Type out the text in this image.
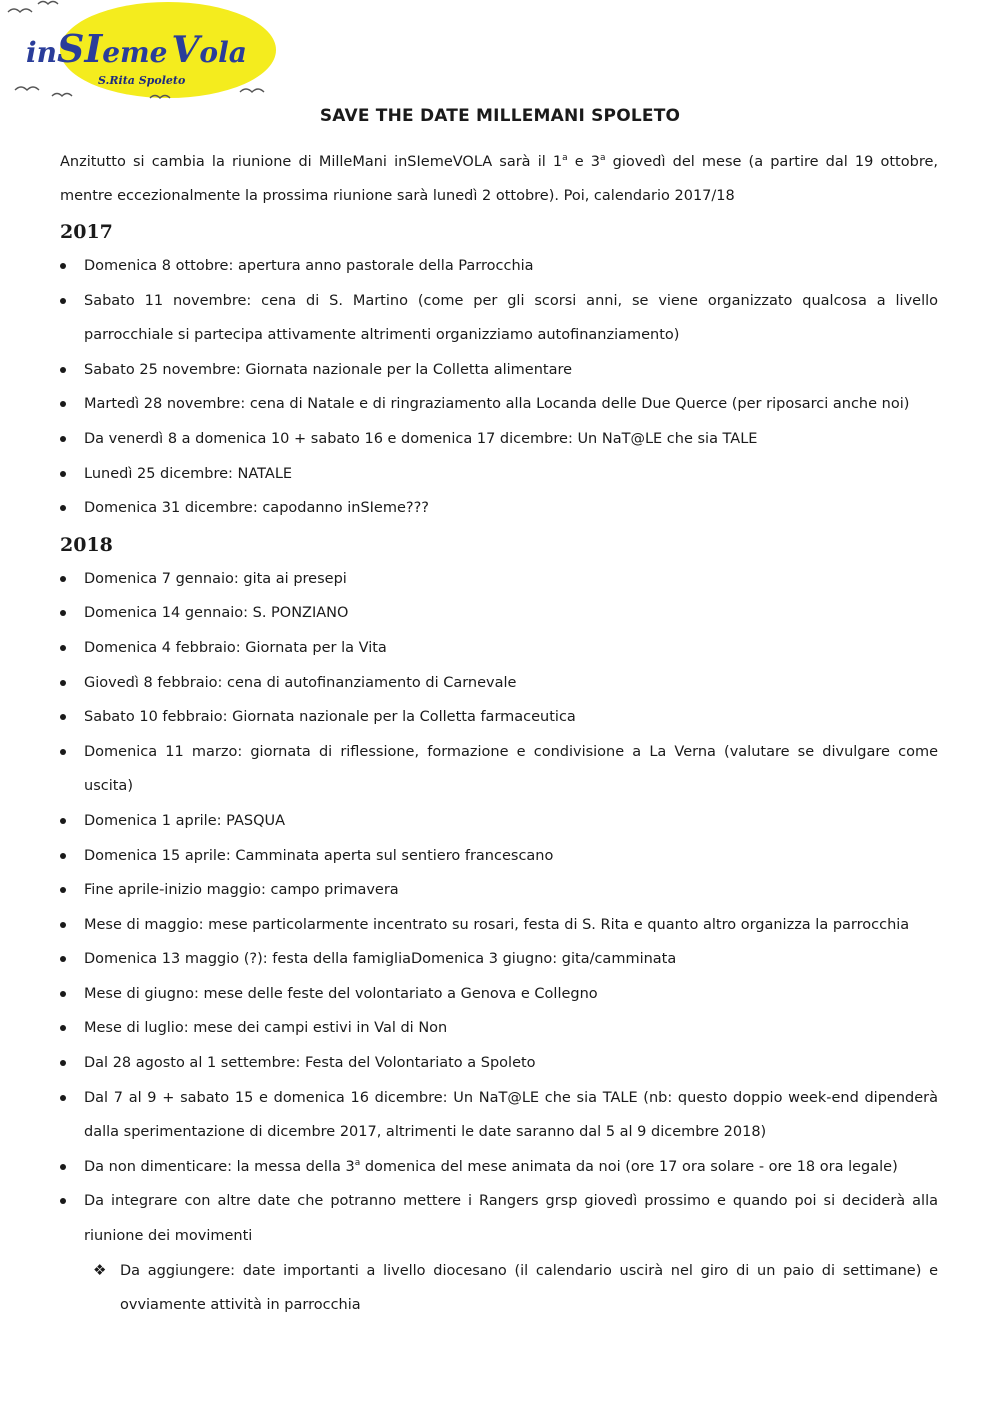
inSIeme Vola
S.Rita Spoleto
SAVE THE DATE MILLEMANI SPOLETO

Anzitutto si cambia la riunione di MilleMani inSIemeVOLA sarà il 1$^a$ e 3$^a$ giovedì del mese (a partire dal 19 ottobre, mentre eccezionalmente la prossima riunione sarà lunedì 2 ottobre). Poi, calendario 2017/18

2017
Domenica 8 ottobre: apertura anno pastorale della Parrocchia
Sabato 11 novembre: cena di S. Martino (come per gli scorsi anni, se viene organizzato qualcosa a livello parrocchiale si partecipa attivamente altrimenti organizziamo autofinanziamento)
Sabato 25 novembre: Giornata nazionale per la Colletta alimentare
Martedì 28 novembre: cena di Natale e di ringraziamento alla Locanda delle Due Querce (per riposarci anche noi)
Da venerdì 8 a domenica 10 + sabato 16 e domenica 17 dicembre: Un NaT@LE che sia TALE
Lunedì 25 dicembre: NATALE
Domenica 31 dicembre: capodanno inSIeme???
2018
Domenica 7 gennaio: gita ai presepi
Domenica 14 gennaio: S. PONZIANO
Domenica 4 febbraio: Giornata per la Vita
Giovedì 8 febbraio: cena di autofinanziamento di Carnevale
Sabato 10 febbraio: Giornata nazionale per la Colletta farmaceutica
Domenica 11 marzo: giornata di riflessione, formazione e condivisione a La Verna (valutare se divulgare come uscita)
Domenica 1 aprile: PASQUA
Domenica 15 aprile: Camminata aperta sul sentiero francescano
Fine aprile-inizio maggio: campo primavera
Mese di maggio: mese particolarmente incentrato su rosari, festa di S. Rita e quanto altro organizza la parrocchia
Domenica 13 maggio (?): festa della famigliaDomenica 3 giugno: gita/camminata
Mese di giugno: mese delle feste del volontariato a Genova e Collegno
Mese di luglio: mese dei campi estivi in Val di Non
Dal 28 agosto al 1 settembre: Festa del Volontariato a Spoleto
Dal 7 al 9 + sabato 15 e domenica 16 dicembre: Un NaT@LE che sia TALE (nb: questo doppio week-end dipenderà dalla sperimentazione di dicembre 2017, altrimenti le date saranno dal 5 al 9 dicembre 2018)
Da non dimenticare: la messa della 3$^a$ domenica del mese animata da noi (ore 17 ora solare - ore 18 ora legale)
Da integrare con altre date che potranno mettere i Rangers grsp giovedì prossimo e quando poi si deciderà alla riunione dei movimenti
❖ Da aggiungere: date importanti a livello diocesano (il calendario uscirà nel giro di un paio di settimane) e ovviamente attività in parrocchia
